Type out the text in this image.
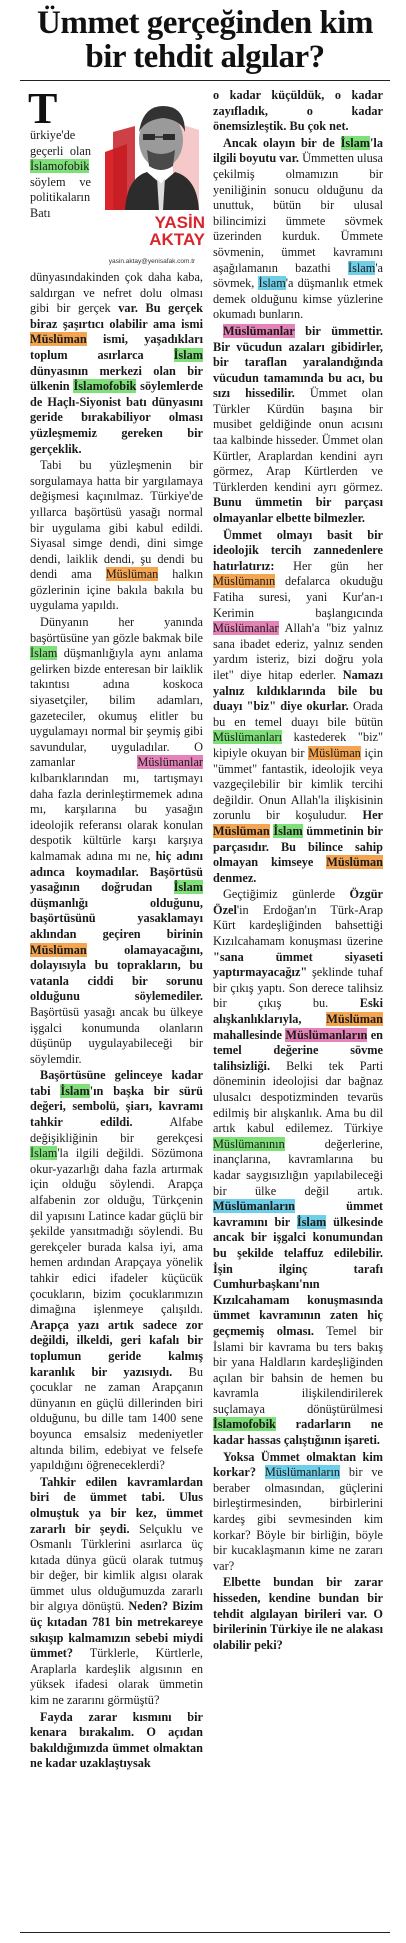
Ümmet gerçeğinden kim bir tehdit algılar?
YASİN
AKTAY
yasin.aktay@yenisafak.com.tr

T
ürkiye'de geçerli olan İslamofobik söylem ve politikaların Batı dünyasındakinden çok daha kaba, saldırgan ve nefret dolu olması gibi bir gerçek var. Bu gerçek biraz şaşırtıcı olabilir ama ismi Müslüman ismi, yaşadıkları toplum asırlarca İslam dünyasının merkezi olan bir ülkenin İslamofobik söylemlerde de Haçlı-Siyonist batı dünyasını geride bırakabiliyor olması yüzleşmemiz gereken bir gerçeklik.

Tabi bu yüzleşmenin bir sorgulamaya hatta bir yargılamaya değişmesi kaçınılmaz. Türkiye'de yıllarca başörtüsü yasağı normal bir uygulama gibi kabul edildi. Siyasal simge dendi, dini simge dendi, laiklik dendi, şu dendi bu dendi ama Müslüman halkın gözlerinin içine bakıla bakıla bu uygulama yapıldı.

Dünyanın her yanında başörtüsüne yan gözle bakmak bile İslam düşmanlığıyla aynı anlama gelirken bizde enteresan bir laiklik takıntısı adına koskoca siyasetçiler, bilim adamları, gazeteciler, okumuş elitler bu uygulamayı normal bir şeymiş gibi savundular, uyguladılar. O zamanlar Müslümanlar kılbarıklarından mı, tartışmayı daha fazla derinleştirmemek adına mı, karşılarına bu yasağın ideolojik referansı olarak konulan despotik kültürle karşı karşıya kalmamak adına mı ne, hiç adını adınca koymadılar. Başörtüsü yasağının doğrudan İslam düşmanlığı olduğunu, başörtüsünü yasaklamayı aklından geçiren birinin Müslüman olamayacağını, dolayısıyla bu toprakların, bu vatanla ciddi bir sorunu olduğunu söylemediler. Başörtüsü yasağı ancak bu ülkeye işgalci konumunda olanların düşünüp uygulayabileceği bir söylemdir.

Başörtüsüne gelinceye kadar tabi İslam'ın başka bir sürü değeri, sembolü, şiarı, kavramı tahkir edildi. Alfabe değişikliğinin bir gerekçesi İslam'la ilgili değildi. Sözümona okur-yazarlığı daha fazla artırmak için olduğu söylendi. Arapça alfabenin zor olduğu, Türkçenin dil yapısını Latince kadar güçlü bir şekilde yansıtmadığı söylendi. Bu gerekçeler burada kalsa iyi, ama hemen ardından Arapçaya yönelik tahkir edici ifadeler küçücük çocukların, bizim çocuklarımızın dimağına işlenmeye çalışıldı. Arapça yazı artık sadece zor değildi, ilkeldi, geri kafalı bir toplumun geride kalmış karanlık bir yazısıydı. Bu çocuklar ne zaman Arapçanın dünyanın en güçlü dillerinden biri olduğunu, bu dille tam 1400 sene boyunca emsalsiz medeniyetler altında bilim, edebiyat ve felsefe yapıldığını öğreneceklerdi?

Tahkir edilen kavramlardan biri de ümmet tabi. Ulus olmuştuk ya bir kez, ümmet zararlı bir şeydi. Selçuklu ve Osmanlı Türklerini asırlarca üç kıtada dünya gücü olarak tutmuş bir değer, bir kimlik algısı olarak ümmet ulus olduğumuzda zararlı bir algıya dönüştü. Neden? Bizim üç kıtadan 781 bin metrekareye sıkışıp kalmamızın sebebi miydi ümmet? Türklerle, Kürtlerle, Araplarla kardeşlik algısının en yüksek ifadesi olarak ümmetin kim ne zararını görmüştü?

Fayda zarar kısmını bir kenara bırakalım. O açıdan bakıldığımızda ümmet olmaktan ne kadar uzaklaştıysak

o kadar küçüldük, o kadar zayıfladık, o kadar önemsizleştik. Bu çok net.

Ancak olayın bir de İslam'la ilgili boyutu var. Ümmetten ulusa çekilmiş olmamızın bir yeniliğinin sonucu olduğunu da unuttuk, bütün bir ulusal bilincimizi ümmete sövmek üzerinden kurduk. Ümmete sövmenin, ümmet kavramını aşağılamanın bazathi İslam'a sövmek, İslam'a düşmanlık etmek demek olduğunu kimse yüzlerine okumadı bunların.

Müslümanlar bir ümmettir. Bir vücudun azaları gibidirler, bir taraflan yaralandığında vücudun tamamında bu acı, bu sızı hissedilir. Ümmet olan Türkler Kürdün başına bir musibet geldiğinde onun acısını taa kalbinde hisseder. Ümmet olan Kürtler, Araplardan kendini ayrı görmez, Arap Kürtlerden ve Türklerden kendini ayrı görmez. Bunu ümmetin bir parçası olmayanlar elbette bilmezler.

Ümmet olmayı basit bir ideolojik tercih zannedenlere hatırlatırız: Her gün her Müslümanın defalarca okuduğu Fatiha suresi, yani Kur'an-ı Kerimin başlangıcında Müslümanlar Allah'a "biz yalnız sana ibadet ederiz, yalnız senden yardım isteriz, bizi doğru yola ilet" diye hitap ederler. Namazı yalnız kıldıklarında bile bu duayı "biz" diye okurlar. Orada bu en temel duayı bile bütün Müslümanları kastederek "biz" kipiyle okuyan bir Müslüman için "ümmet" fantastik, ideolojik veya vazgeçilebilir bir kimlik tercihi değildir. Onun Allah'la ilişkisinin zorunlu bir koşuludur. Her Müslüman İslam ümmetinin bir parçasıdır. Bu bilince sahip olmayan kimseye Müslüman denmez.

Geçtiğimiz günlerde Özgür Özel'in Erdoğan'ın Türk-Arap Kürt kardeşliğinden bahsettiği Kızılcahamam konuşması üzerine "sana ümmet siyaseti yaptırmayacağız" şeklinde tuhaf bir çıkış yaptı. Son derece talihsiz bir çıkış bu. Eski alışkanlıklarıyla, Müslüman mahallesinde Müslümanların en temel değerine sövme talihsizliği. Belki tek Parti döneminin ideolojisi dar bağnaz ulusalcı despotizminden tevarüs edilmiş bir alışkanlık. Ama bu dil artık kabul edilemez. Türkiye Müslümanının değerlerine, inançlarına, kavramlarına bu kadar saygısızlığın yapılabileceği bir ülke değil artık. Müslümanların ümmet kavramını bir İslam ülkesinde ancak bir işgalci konumundan bu şekilde telaffuz edilebilir. İşin ilginç tarafı Cumhurbaşkanı'nın Kızılcahamam konuşmasında ümmet kavramının zaten hiç geçmemiş olması. Temel bir İslami bir kavrama bu ters bakış bir yana Haldların kardeşliğinden açılan bir bahsin de hemen bu kavramla ilişkilendirilerek suçlamaya dönüştürülmesi İslamofobik radarların ne kadar hassas çalıştığının işareti.

Yoksa Ümmet olmaktan kim korkar? Müslümanların bir ve beraber olmasından, güçlerini birleştirmesinden, birbirlerini kardeş gibi sevmesinden kim korkar? Böyle bir birliğin, böyle bir kucaklaşmanın kime ne zararı var?

Elbette bundan bir zarar hisseden, kendine bundan bir tehdit algılayan birileri var. O birilerinin Türkiye ile ne alakası olabilir peki?
